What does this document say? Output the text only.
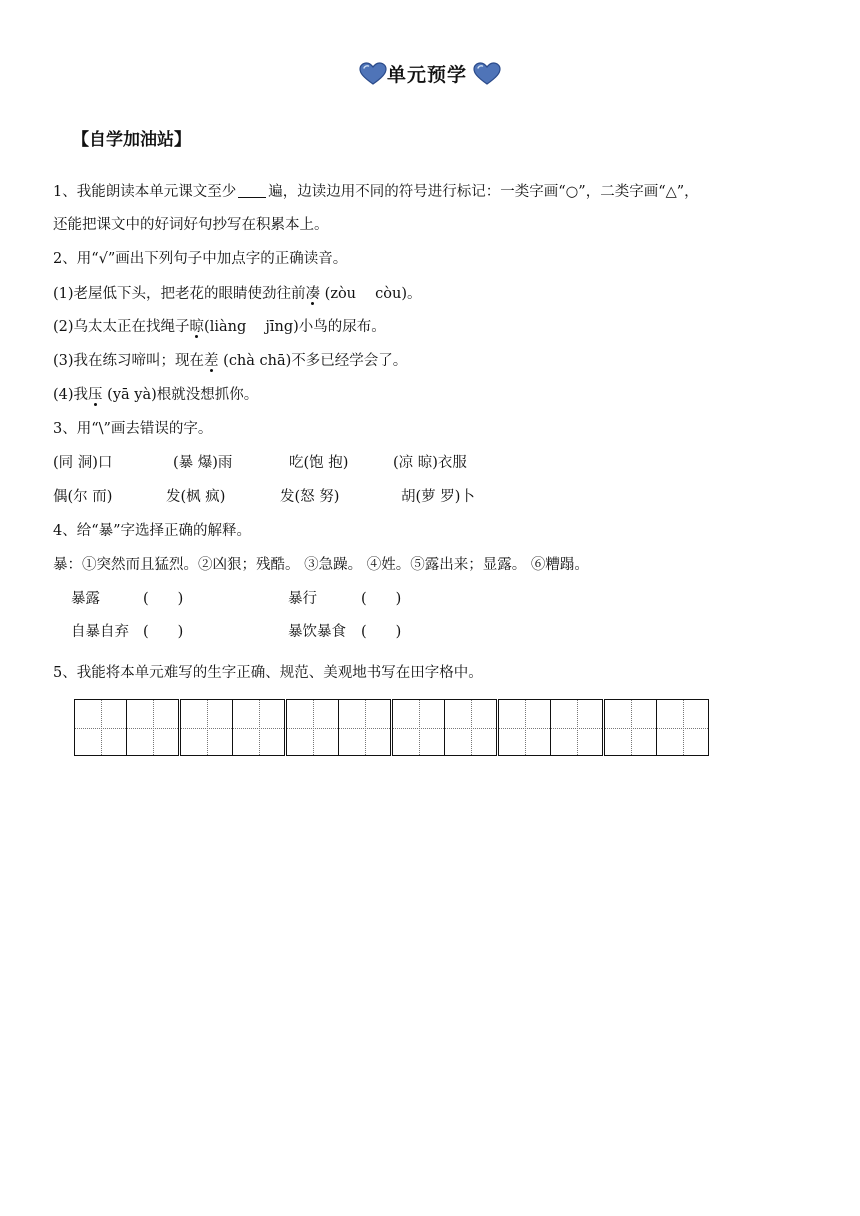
单元预学
【自学加油站】
1、我能朗读本单元课文至少 遍，边读边用不同的符号进行标记：一类字画“○”，二类字画“△”，
还能把课文中的好词好句抄写在积累本上。
2、用“√”画出下列句子中加点字的正确读音。
(1)老屋低下头，把老花的眼睛使劲往前凑 (zòu　 còu)。
(2)乌太太正在找绳子晾(liàng　 jīng)小鸟的尿布。
(3)我在练习啼叫；现在差 (chà chā)不多已经学会了。
(4)我压 (yā yà)根就没想抓你。
3、用“\”画去错误的字。
(同 洞)口	(暴 爆)雨	吃(饱 抱)	(凉 晾)衣服
偶(尔 而)	发(枫 疯)	发(怒 努)	胡(萝 罗)卜
4、给“暴”字选择正确的解释。
暴：①突然而且猛烈。②凶狠；残酷。 ③急躁。 ④姓。⑤露出来；显露。 ⑥糟蹋。
暴露	(　　)	暴行	(　　)
自暴自弃 (　　)	暴饮暴食 (　　)
5、我能将本单元难写的生字正确、规范、美观地书写在田字格中。
